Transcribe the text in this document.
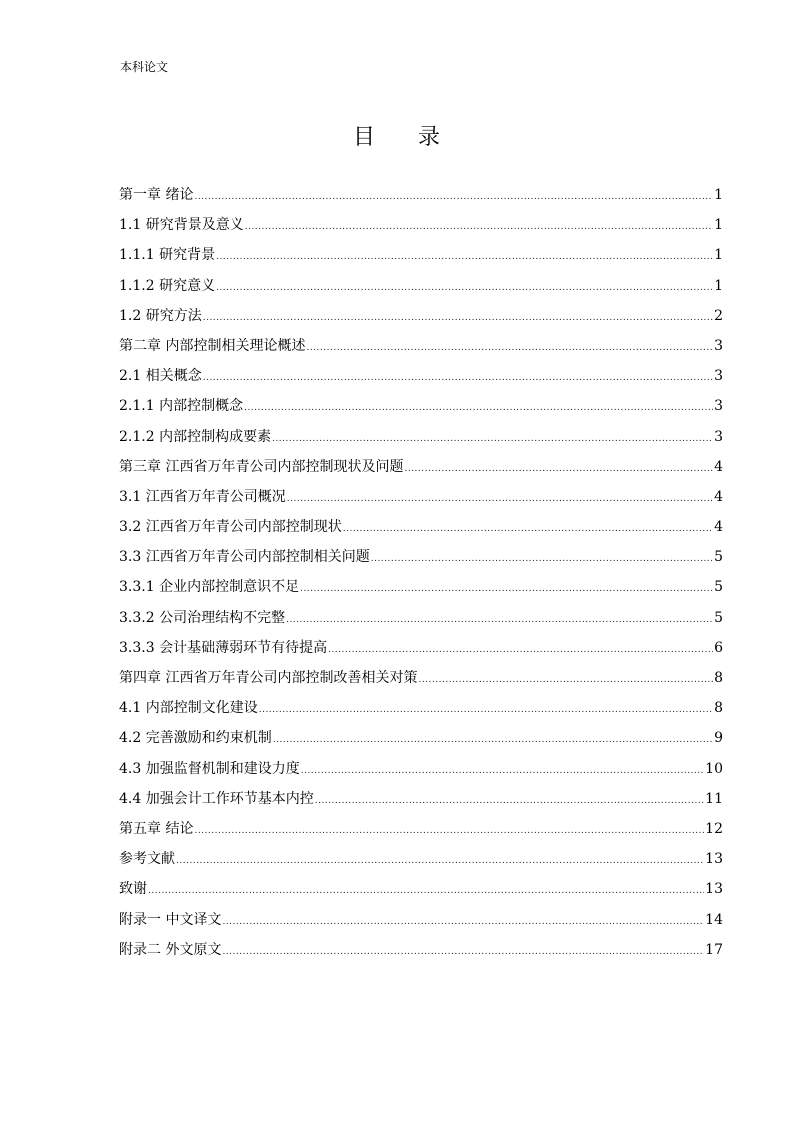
本科论文
目 录
第一章 绪论 .....	1
1.1 研究背景及意义 .....	1
1.1.1 研究背景 .....	1
1.1.2 研究意义 .....	1
1.2 研究方法 .....	2
第二章 内部控制相关理论概述 .....	3
2.1 相关概念 .....	3
2.1.1 内部控制概念 .....	3
2.1.2 内部控制构成要素 .....	3
第三章 江西省万年青公司内部控制现状及问题 .....	4
3.1 江西省万年青公司概况 .....	4
3.2 江西省万年青公司内部控制现状 .....	4
3.3 江西省万年青公司内部控制相关问题 .....	5
3.3.1 企业内部控制意识不足 .....	5
3.3.2 公司治理结构不完整 .....	5
3.3.3 会计基础薄弱环节有待提高 .....	6
第四章 江西省万年青公司内部控制改善相关对策 .....	8
4.1 内部控制文化建设 .....	8
4.2 完善激励和约束机制 .....	9
4.3 加强监督机制和建设力度 .....	10
4.4 加强会计工作环节基本内控 .....	11
第五章 结论 .....	12
参考文献 .....	13
致谢 .....	13
附录一 中文译文 .....	14
附录二 外文原文 .....	17
